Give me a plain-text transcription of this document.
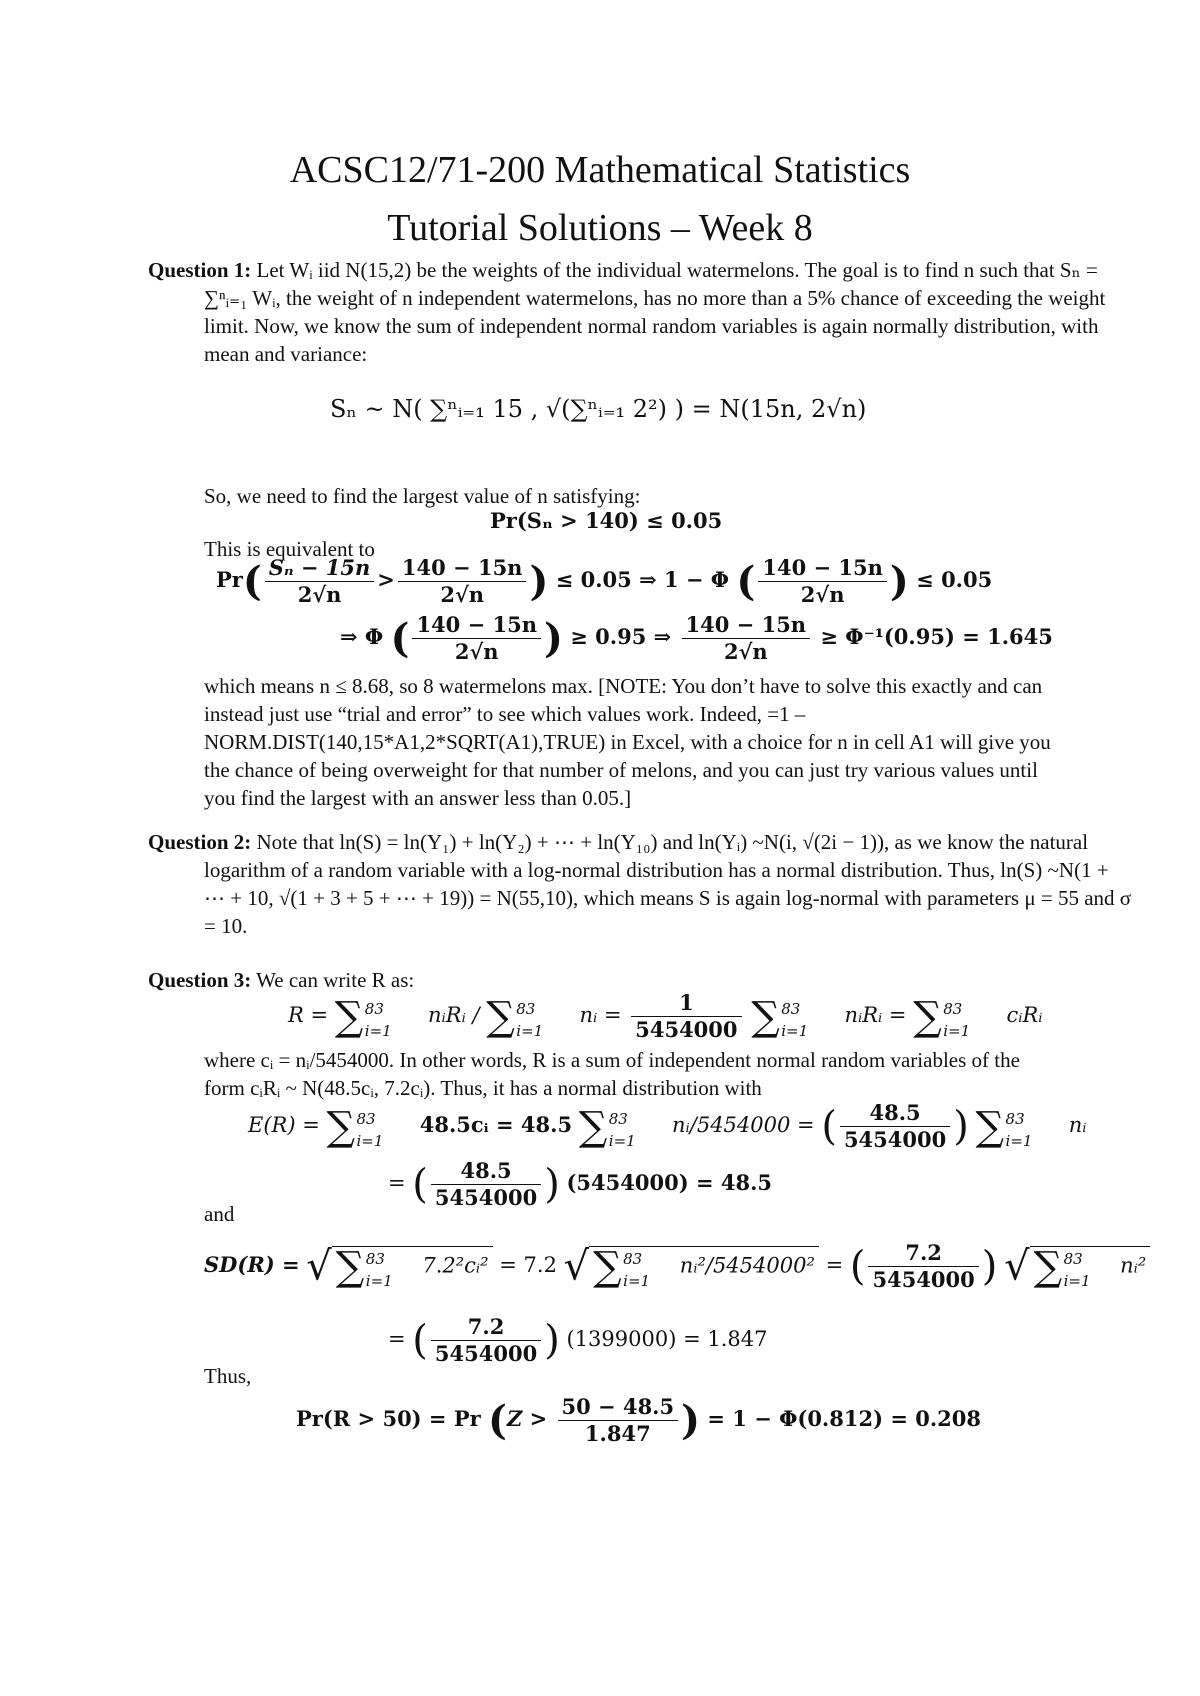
ACSC12/71-200 Mathematical Statistics
Tutorial Solutions – Week 8
Question 1: Let Wᵢ iid N(15,2) be the weights of the individual watermelons. The goal is to find n such that Sₙ = ∑ⁿᵢ₌₁ Wᵢ, the weight of n independent watermelons, has no more than a 5% chance of exceeding the weight limit. Now, we know the sum of independent normal random variables is again normally distribution, with mean and variance:
Sₙ ~ N( ∑ⁿᵢ₌₁ 15 , √(∑ⁿᵢ₌₁ 2²) ) = N(15n, 2√n)
So, we need to find the largest value of n satisfying:
Pr(Sₙ > 140) ≤ 0.05
This is equivalent to
$Pr( \frac{\text{Sₙ − 15n}}{2√n} > \frac{140 - 15n}{2√n}$ ) ≤ 0.05 ⇒ 1 − Φ ( $\frac{140 - 15n}{2√n}$ ) ≤ 0.05
⇒ Φ ( $\frac{140 - 15n}{2√n}$ ) ≥ 0.95 ⇒ $\frac{140 - 15n}{2√n} \ge \Phi^{-1}(0.95) = 1.645$
which means n ≤ 8.68, so 8 watermelons max. [NOTE: You don’t have to solve this exactly and can instead just use “trial and error” to see which values work. Indeed, =1 – NORM.DIST(140,15*A1,2*SQRT(A1),TRUE) in Excel, with a choice for n in cell A1 will give you the chance of being overweight for that number of melons, and you can just try various values until you find the largest with an answer less than 0.05.]
Question 2: Note that ln(S) = ln(Y₁) + ln(Y₂) + ⋯ + ln(Y₁₀) and ln(Yᵢ) ~N(i, √(2i − 1)), as we know the natural logarithm of a random variable with a log-normal distribution has a normal distribution. Thus, ln(S) ~N(1 + ⋯ + 10, √(1 + 3 + 5 + ⋯ + 19)) = N(55,10), which means S is again log-normal with parameters μ = 55 and σ = 10.
Question 3: We can write R as:
R = ∑ 83
i=1
nᵢRᵢ / ∑ 83
i=1
nᵢ = $\frac{1}{5454000}$ ∑ 83
i=1
nᵢRᵢ = ∑ 83
i=1
cᵢRᵢ
where cᵢ = nᵢ/5454000. In other words, R is a sum of independent normal random variables of the form cᵢRᵢ ~ N(48.5cᵢ, 7.2cᵢ). Thus, it has a normal distribution with
E(R) = ∑ 83
i=1
48.5cᵢ = 48.5 ∑ 83
i=1
nᵢ/5454000 = ( $\frac{48.5}{5454000}$ ) ∑ 83
i=1
nᵢ
= ( $\frac{48.5}{5454000}$ ) (5454000) = 48.5
and
SD(R) = √ ∑ 83
i=1
7.2²cᵢ² = 7.2 √ ∑ 83
i=1
nᵢ²/5454000² = ( $\frac{7.2}{5454000}$ ) √ ∑ 83
i=1
nᵢ²
= ( $\frac{7.2}{5454000}$ ) (1399000) = 1.847
Thus,
Pr(R > 50) = Pr ($Z > \frac{50 - 48.5}{1.847}$ ) = 1 − Φ(0.812) = 0.208
